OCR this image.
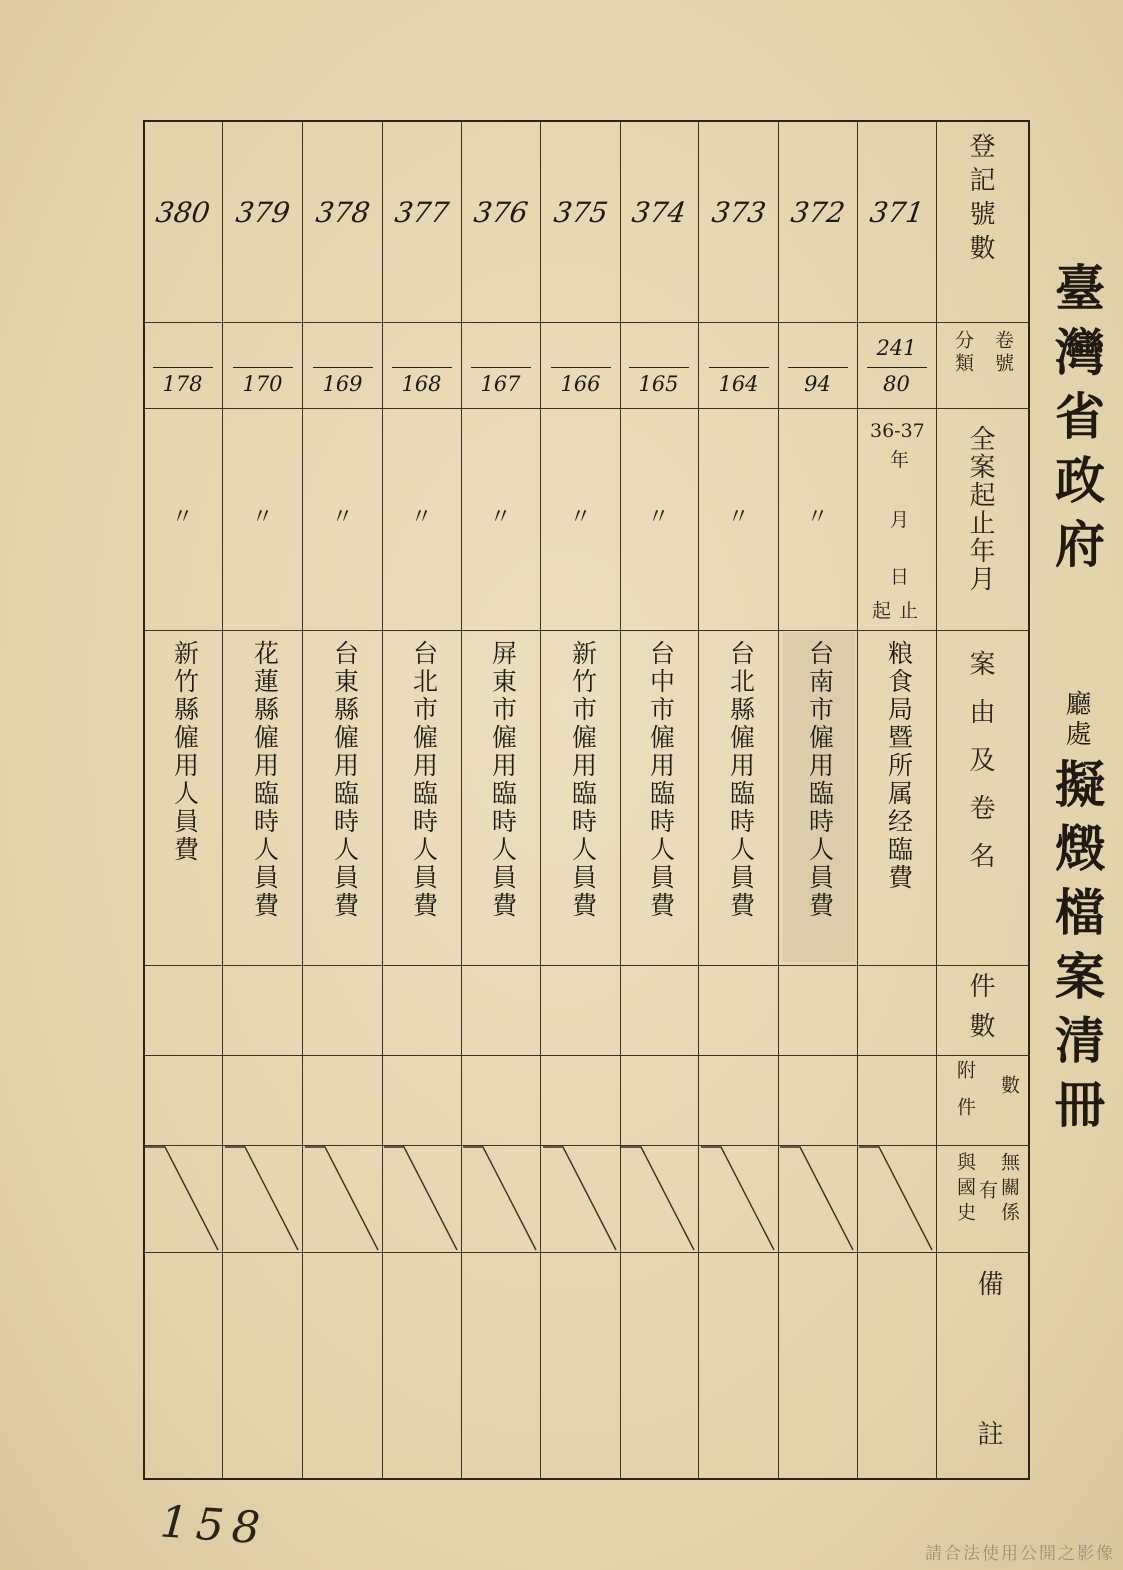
臺灣省政府
廳處
擬燬檔案清冊
登記號數
卷號
分類
全案起止年月
案由及卷名
件數
數
附件
無關係
有
與國史
備
註
371
241
80
粮食局暨所属经臨費
372
94
〃
台南市僱用臨時人員費
373
164
〃
台北縣僱用臨時人員費
374
165
〃
台中市僱用臨時人員費
375
166
〃
新竹市僱用臨時人員費
376
167
〃
屏東市僱用臨時人員費
377
168
〃
台北市僱用臨時人員費
378
169
〃
台東縣僱用臨時人員費
379
170
〃
花蓮縣僱用臨時人員費
380
178
〃
新竹縣僱用人員費
36-37
年
月
日
起止
158	請合法使用公開之影像
